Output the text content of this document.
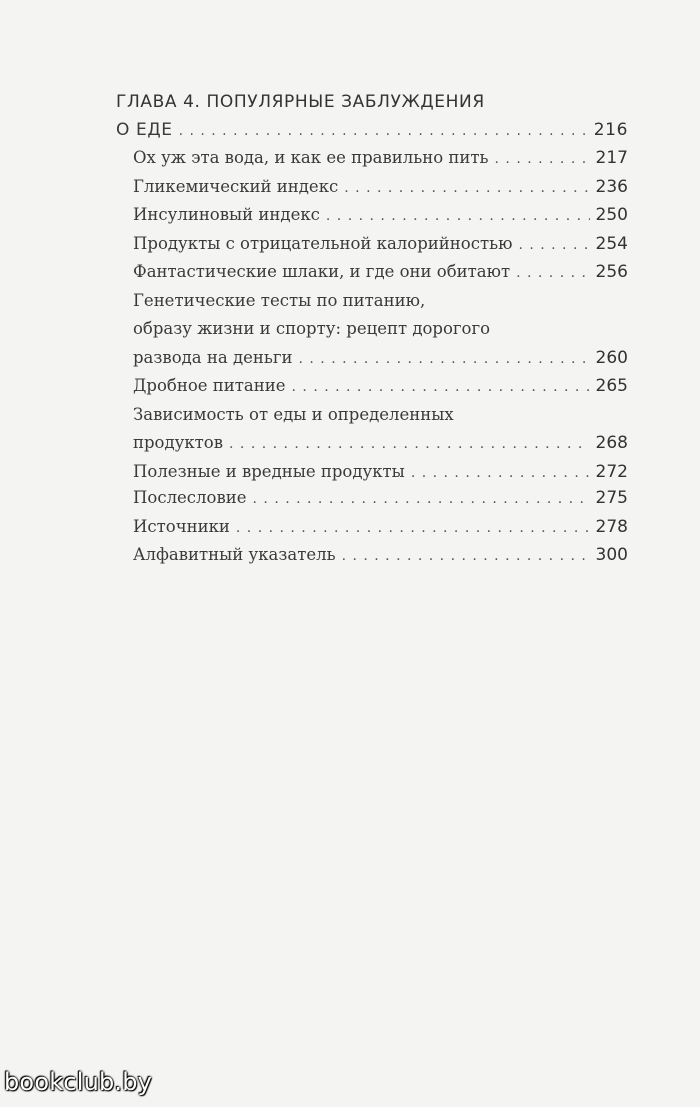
ГЛАВА 4. ПОПУЛЯРНЫЕ ЗАБЛУЖДЕНИЯ
О ЕДЕ . . .	216
Ох уж эта вода, и как ее правильно пить . . .	217
Гликемический индекс . . .	236
Инсулиновый индекс . . .	250
Продукты с отрицательной калорийностью . . .	254
Фантастические шлаки, и где они обитают . . .	256
Генетические тесты по питанию,
образу жизни и спорту: рецепт дорогого
развода на деньги . . .	260
Дробное питание . . .	265
Зависимость от еды и определенных
продуктов . . .	268
Полезные и вредные продукты . . .	272
Послесловие . . .	275
Источники . . .	278
Алфавитный указатель . . .	300
bookclub.by
